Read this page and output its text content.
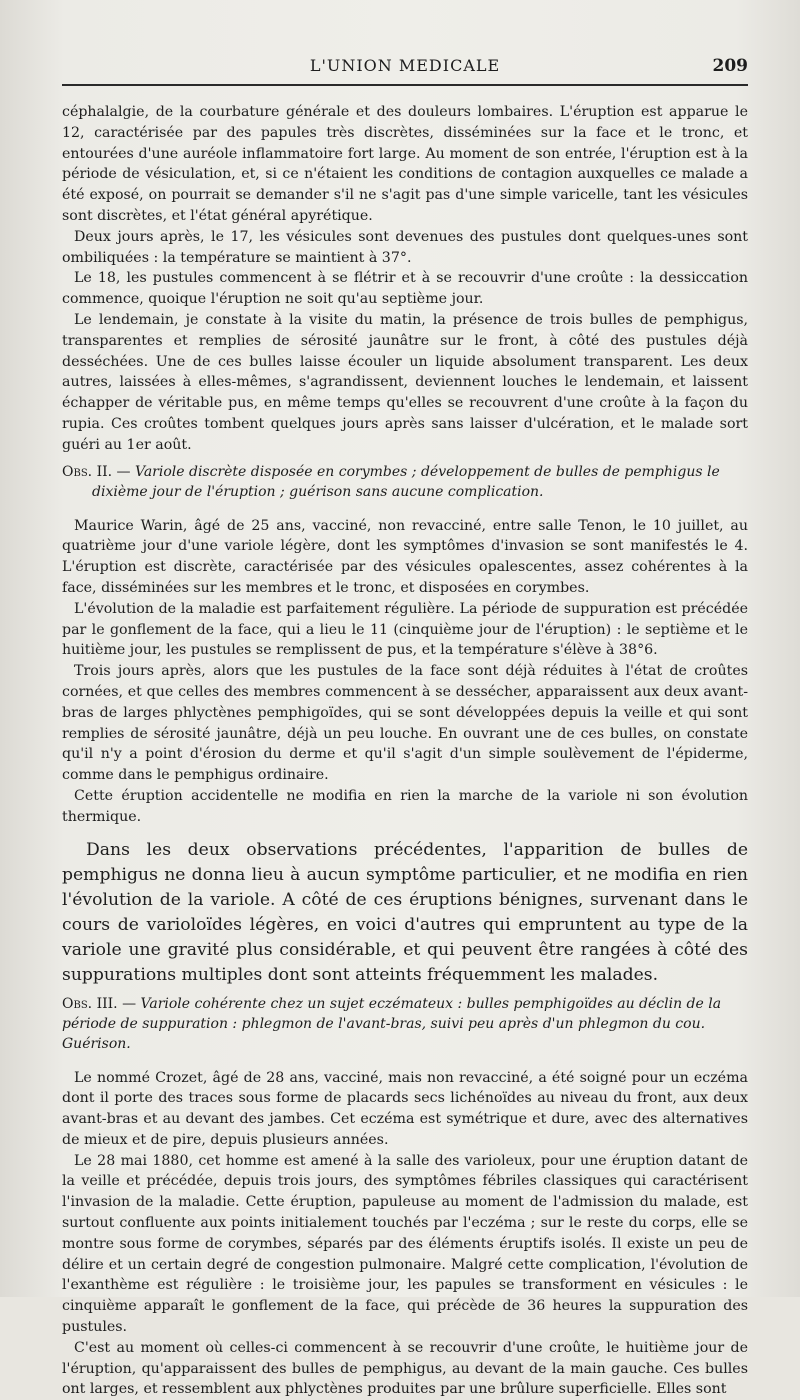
L'UNION MEDICALE	209

céphalalgie, de la courbature générale et des douleurs lombaires. L'éruption est apparue le 12, caractérisée par des papules très discrètes, disséminées sur la face et le tronc, et entourées d'une auréole inflammatoire fort large. Au moment de son entrée, l'éruption est à la période de vésiculation, et, si ce n'étaient les conditions de contagion auxquelles ce malade a été exposé, on pourrait se demander s'il ne s'agit pas d'une simple varicelle, tant les vésicules sont discrètes, et l'état général apyrétique.

Deux jours après, le 17, les vésicules sont devenues des pustules dont quelques-unes sont ombiliquées : la température se maintient à 37°.

Le 18, les pustules commencent à se flétrir et à se recouvrir d'une croûte : la dessiccation commence, quoique l'éruption ne soit qu'au septième jour.

Le lendemain, je constate à la visite du matin, la présence de trois bulles de pemphigus, transparentes et remplies de sérosité jaunâtre sur le front, à côté des pustules déjà desséchées. Une de ces bulles laisse écouler un liquide absolument transparent. Les deux autres, laissées à elles-mêmes, s'agrandissent, deviennent louches le lendemain, et laissent échapper de véritable pus, en même temps qu'elles se recouvrent d'une croûte à la façon du rupia. Ces croûtes tombent quelques jours après sans laisser d'ulcération, et le malade sort guéri au 1er août.

Obs. II. — Variole discrète disposée en corymbes ; développement de bulles de pemphigus le
dixième jour de l'éruption ; guérison sans aucune complication.

Maurice Warin, âgé de 25 ans, vacciné, non revacciné, entre salle Tenon, le 10 juillet, au quatrième jour d'une variole légère, dont les symptômes d'invasion se sont manifestés le 4. L'éruption est discrète, caractérisée par des vésicules opalescentes, assez cohérentes à la face, disséminées sur les membres et le tronc, et disposées en corymbes.

L'évolution de la maladie est parfaitement régulière. La période de suppuration est précédée par le gonflement de la face, qui a lieu le 11 (cinquième jour de l'éruption) : le septième et le huitième jour, les pustules se remplissent de pus, et la température s'élève à 38°6.

Trois jours après, alors que les pustules de la face sont déjà réduites à l'état de croûtes cornées, et que celles des membres commencent à se dessécher, apparaissent aux deux avant-bras de larges phlyctènes pemphigoïdes, qui se sont développées depuis la veille et qui sont remplies de sérosité jaunâtre, déjà un peu louche. En ouvrant une de ces bulles, on constate qu'il n'y a point d'érosion du derme et qu'il s'agit d'un simple soulèvement de l'épiderme, comme dans le pemphigus ordinaire.

Cette éruption accidentelle ne modifia en rien la marche de la variole ni son évolution thermique.

Dans les deux observations précédentes, l'apparition de bulles de pemphigus ne donna lieu à aucun symptôme particulier, et ne modifia en rien l'évolution de la variole. A côté de ces éruptions bénignes, survenant dans le cours de varioloïdes légères, en voici d'autres qui empruntent au type de la variole une gravité plus considérable, et qui peuvent être rangées à côté des suppurations multiples dont sont atteints fréquemment les malades.

Obs. III. — Variole cohérente chez un sujet eczémateux : bulles pemphigoïdes au déclin de la période de suppuration : phlegmon de l'avant-bras, suivi peu après d'un phlegmon du cou. Guérison.

Le nommé Crozet, âgé de 28 ans, vacciné, mais non revacciné, a été soigné pour un eczéma dont il porte des traces sous forme de placards secs lichénoïdes au niveau du front, aux deux avant-bras et au devant des jambes. Cet eczéma est symétrique et dure, avec des alternatives de mieux et de pire, depuis plusieurs années.

Le 28 mai 1880, cet homme est amené à la salle des varioleux, pour une éruption datant de la veille et précédée, depuis trois jours, des symptômes fébriles classiques qui caractérisent l'invasion de la maladie. Cette éruption, papuleuse au moment de l'admission du malade, est surtout confluente aux points initialement touchés par l'eczéma ; sur le reste du corps, elle se montre sous forme de corymbes, séparés par des éléments éruptifs isolés. Il existe un peu de délire et un certain degré de congestion pulmonaire. Malgré cette complication, l'évolution de l'exanthème est régulière : le troisième jour, les papules se transforment en vésicules : le cinquième apparaît le gonflement de la face, qui précède de 36 heures la suppuration des pustules.

C'est au moment où celles-ci commencent à se recouvrir d'une croûte, le huitième jour de l'éruption, qu'apparaissent des bulles de pemphigus, au devant de la main gauche. Ces bulles ont larges, et ressemblent aux phlyctènes produites par une brûlure superficielle. Elles sont
